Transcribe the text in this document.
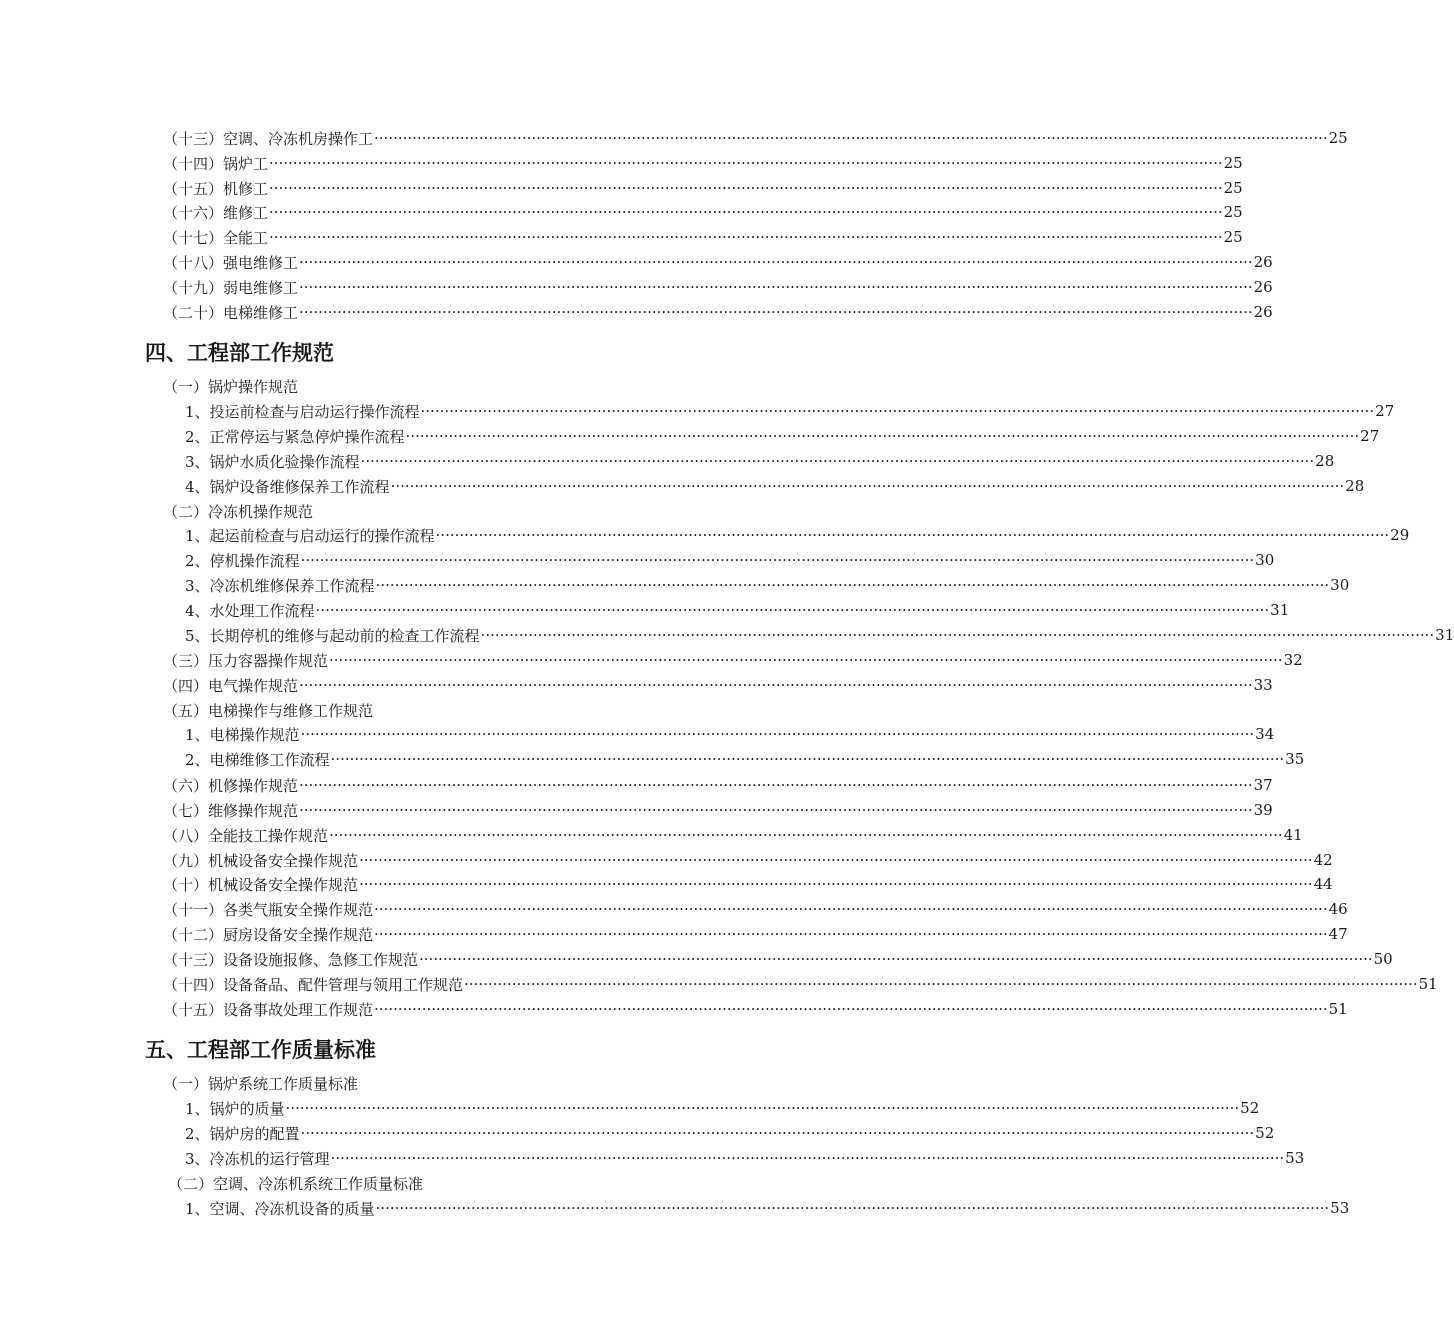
（十三）空调、冷冻机房操作工 ········································································································································································································ 25
（十四）锅炉工 ········································································································································································································ 25
（十五）机修工 ········································································································································································································ 25
（十六）维修工 ········································································································································································································ 25
（十七）全能工 ········································································································································································································ 25
（十八）强电维修工 ········································································································································································································ 26
（十九）弱电维修工 ········································································································································································································ 26
（二十）电梯维修工 ········································································································································································································ 26
四、工程部工作规范
（一）锅炉操作规范
1、投运前检查与启动运行操作流程 ········································································································································································································ 27
2、正常停运与紧急停炉操作流程 ········································································································································································································ 27
3、锅炉水质化验操作流程 ········································································································································································································ 28
4、锅炉设备维修保养工作流程 ········································································································································································································ 28
（二）冷冻机操作规范
1、起运前检查与启动运行的操作流程 ········································································································································································································ 29
2、停机操作流程 ········································································································································································································ 30
3、冷冻机维修保养工作流程 ········································································································································································································ 30
4、水处理工作流程 ········································································································································································································ 31
5、长期停机的维修与起动前的检查工作流程 ········································································································································································································ 31
（三）压力容器操作规范 ········································································································································································································ 32
（四）电气操作规范 ········································································································································································································ 33
（五）电梯操作与维修工作规范
1、电梯操作规范 ········································································································································································································ 34
2、电梯维修工作流程 ········································································································································································································ 35
（六）机修操作规范 ········································································································································································································ 37
（七）维修操作规范 ········································································································································································································ 39
（八）全能技工操作规范 ········································································································································································································ 41
（九）机械设备安全操作规范 ········································································································································································································ 42
（十）机械设备安全操作规范 ········································································································································································································ 44
（十一）各类气瓶安全操作规范 ········································································································································································································ 46
（十二）厨房设备安全操作规范 ········································································································································································································ 47
（十三）设备设施报修、急修工作规范 ········································································································································································································ 50
（十四）设备备品、配件管理与领用工作规范 ········································································································································································································ 51
（十五）设备事故处理工作规范 ········································································································································································································ 51
五、工程部工作质量标准
（一）锅炉系统工作质量标准
1、锅炉的质量 ········································································································································································································ 52
2、锅炉房的配置 ········································································································································································································ 52
3、冷冻机的运行管理 ········································································································································································································ 53
（二）空调、冷冻机系统工作质量标准
1、空调、冷冻机设备的质量 ········································································································································································································ 53
